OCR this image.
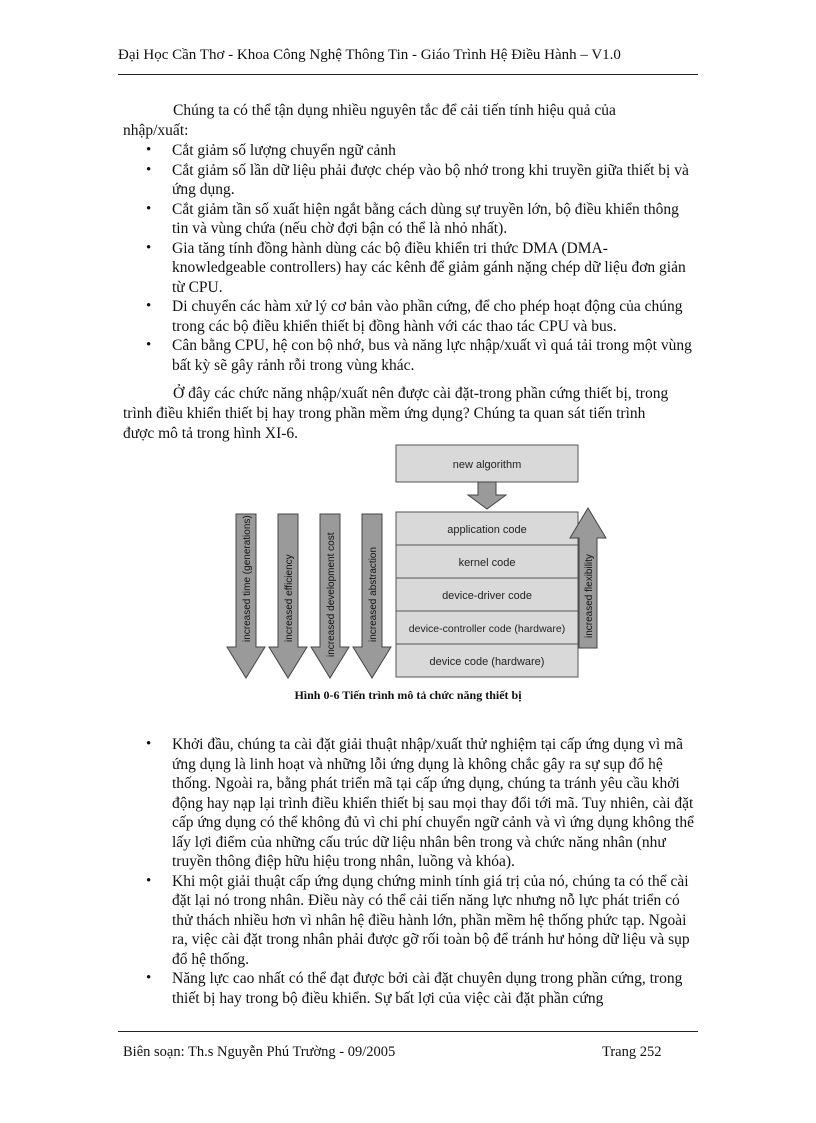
Đại Học Cần Thơ - Khoa Công Nghệ Thông Tin - Giáo Trình Hệ Điều Hành – V1.0
Chúng ta có thể tận dụng nhiều nguyên tắc để cải tiến tính hiệu quả của
nhập/xuất:
• Cắt giảm số lượng chuyển ngữ cảnh
• Cắt giảm số lần dữ liệu phải được chép vào bộ nhớ trong khi truyền giữa thiết bị và ứng dụng.
• Cắt giảm tần số xuất hiện ngắt bằng cách dùng sự truyền lớn, bộ điều khiển thông tin và vùng chứa (nếu chờ đợi bận có thể là nhỏ nhất).
• Gia tăng tính đồng hành dùng các bộ điều khiển tri thức DMA (DMA-knowledgeable controllers) hay các kênh để giảm gánh nặng chép dữ liệu đơn giản từ CPU.
• Di chuyển các hàm xử lý cơ bản vào phần cứng, để cho phép hoạt động của chúng trong các bộ điều khiển thiết bị đồng hành với các thao tác CPU và bus.
• Cân bằng CPU, hệ con bộ nhớ, bus và năng lực nhập/xuất vì quá tải trong một vùng bất kỳ sẽ gây rảnh rỗi trong vùng khác.
Ở đây các chức năng nhập/xuất nên được cài đặt-trong phần cứng thiết bị, trong
trình điều khiển thiết bị hay trong phần mềm ứng dụng? Chúng ta quan sát tiến trình
được mô tả trong hình XI-6.
new algorithm
application code
kernel code
device-driver code
device-controller code (hardware)
device code (hardware)
increased time (generations)	increased efficiency	increased development cost	increased abstraction	increased flexibility
Hình 0-6 Tiến trình mô tả chức năng thiết bị
• Khởi đầu, chúng ta cài đặt giải thuật nhập/xuất thử nghiệm tại cấp ứng dụng vì mã ứng dụng là linh hoạt và những lỗi ứng dụng là không chắc gây ra sự sụp đổ hệ thống. Ngoài ra, bằng phát triển mã tại cấp ứng dụng, chúng ta tránh yêu cầu khởi động hay nạp lại trình điều khiển thiết bị sau mọi thay đổi tới mã. Tuy nhiên, cài đặt cấp ứng dụng có thể không đủ vì chi phí chuyển ngữ cảnh và vì ứng dụng không thể lấy lợi điểm của những cấu trúc dữ liệu nhân bên trong và chức năng nhân (như truyền thông điệp hữu hiệu trong nhân, luồng và khóa).
• Khi một giải thuật cấp ứng dụng chứng minh tính giá trị của nó, chúng ta có thể cài đặt lại nó trong nhân. Điều này có thể cải tiến năng lực nhưng nỗ lực phát triển có thử thách nhiều hơn vì nhân hệ điều hành lớn, phần mềm hệ thống phức tạp. Ngoài ra, việc cài đặt trong nhân phải được gỡ rối toàn bộ để tránh hư hỏng dữ liệu và sụp đổ hệ thống.
• Năng lực cao nhất có thể đạt được bởi cài đặt chuyên dụng trong phần cứng, trong thiết bị hay trong bộ điều khiển. Sự bất lợi của việc cài đặt phần cứng
Biên soạn: Th.s Nguyễn Phú Trường - 09/2005	Trang 252
